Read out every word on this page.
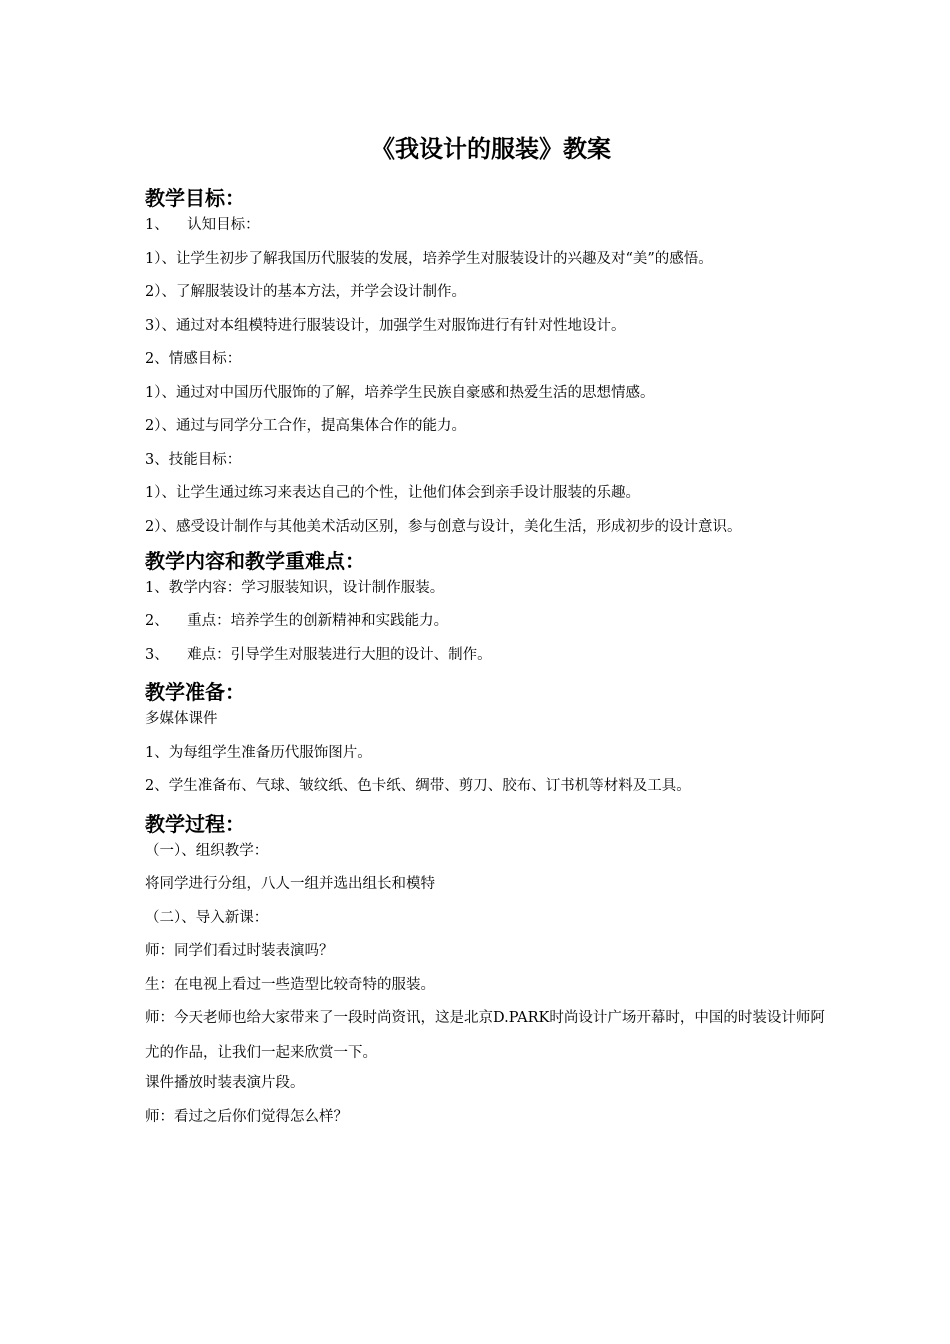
《我设计的服装》教案
教学目标：
1、    认知目标：
1）、让学生初步了解我国历代服装的发展，培养学生对服装设计的兴趣及对“美”的感悟。
2）、了解服装设计的基本方法，并学会设计制作。
3）、通过对本组模特进行服装设计，加强学生对服饰进行有针对性地设计。
2、情感目标：
1）、通过对中国历代服饰的了解，培养学生民族自豪感和热爱生活的思想情感。
2）、通过与同学分工合作，提高集体合作的能力。
3、技能目标：
1）、让学生通过练习来表达自己的个性，让他们体会到亲手设计服装的乐趣。
2）、感受设计制作与其他美术活动区别，参与创意与设计，美化生活，形成初步的设计意识。
教学内容和教学重难点：
1、教学内容：学习服装知识，设计制作服装。
2、    重点：培养学生的创新精神和实践能力。
3、    难点：引导学生对服装进行大胆的设计、制作。
教学准备：
多媒体课件
1、为每组学生准备历代服饰图片。
2、学生准备布、气球、皱纹纸、色卡纸、绸带、剪刀、胶布、订书机等材料及工具。
教学过程：
（一）、组织教学：
将同学进行分组，八人一组并选出组长和模特
（二）、导入新课：
师：同学们看过时装表演吗？
生：在电视上看过一些造型比较奇特的服装。
师：今天老师也给大家带来了一段时尚资讯，这是北京D.PARK时尚设计广场开幕时，中国的时装设计师阿尤的作品，让我们一起来欣赏一下。
课件播放时装表演片段。
师：看过之后你们觉得怎么样？
